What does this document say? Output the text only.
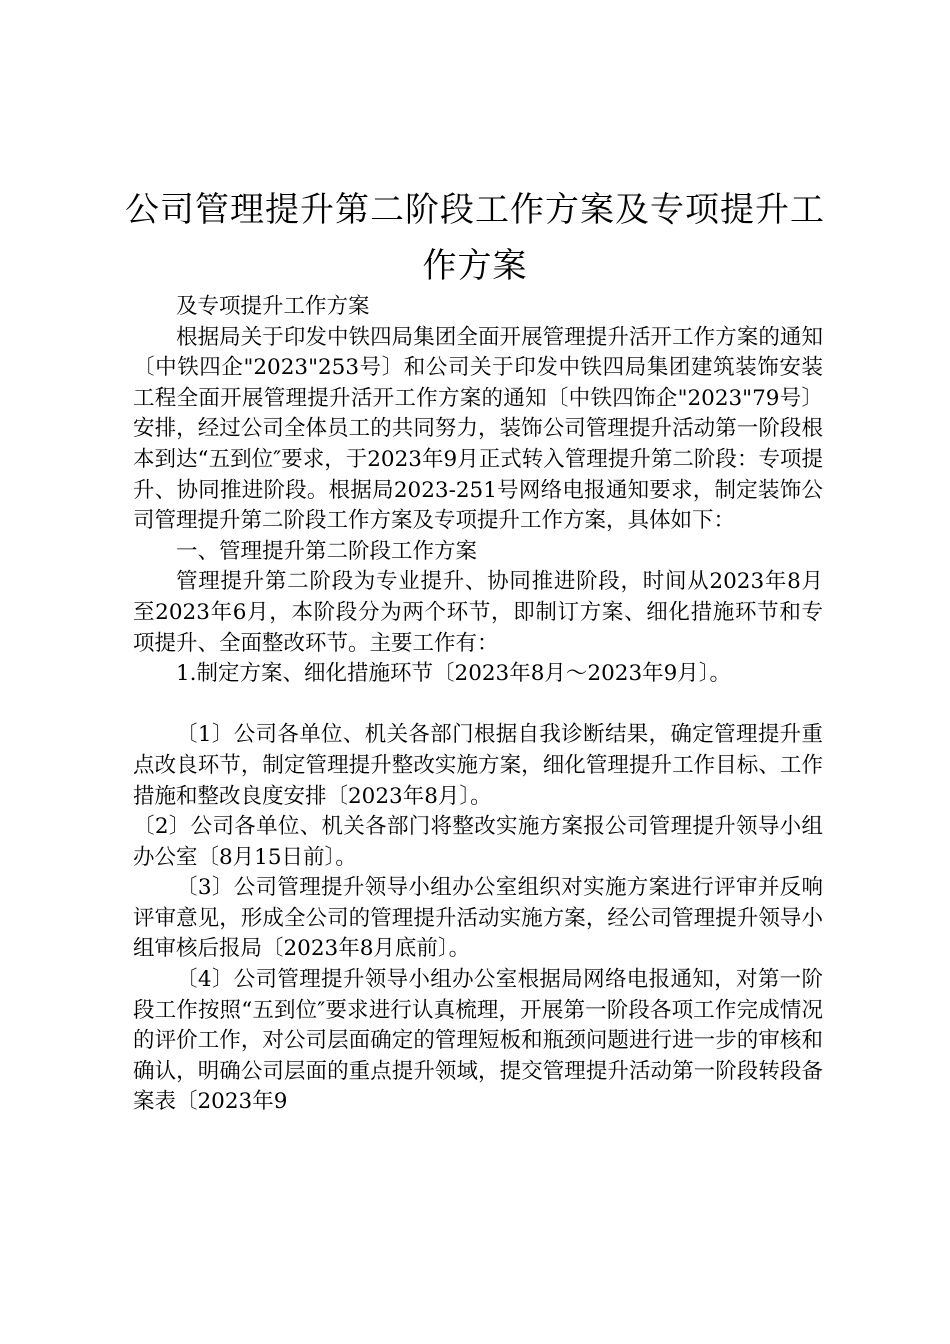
公司管理提升第二阶段工作方案及专项提升工作方案

及专项提升工作方案

根据局关于印发中铁四局集团全面开展管理提升活开工作方案的通知〔中铁四企"2023"253号〕和公司关于印发中铁四局集团建筑装饰安装工程全面开展管理提升活开工作方案的通知〔中铁四饰企"2023"79号〕安排，经过公司全体员工的共同努力，装饰公司管理提升活动第一阶段根本到达“五到位″要求，于2023年9月正式转入管理提升第二阶段：专项提升、协同推进阶段。根据局2023-251号网络电报通知要求，制定装饰公司管理提升第二阶段工作方案及专项提升工作方案，具体如下：

一、管理提升第二阶段工作方案

管理提升第二阶段为专业提升、协同推进阶段，时间从2023年8月至2023年6月，本阶段分为两个环节，即制订方案、细化措施环节和专项提升、全面整改环节。主要工作有：

1.制定方案、细化措施环节〔2023年8月～2023年9月〕。

〔1〕公司各单位、机关各部门根据自我诊断结果，确定管理提升重点改良环节，制定管理提升整改实施方案，细化管理提升工作目标、工作措施和整改良度安排〔2023年8月〕。

〔2〕公司各单位、机关各部门将整改实施方案报公司管理提升领导小组办公室〔8月15日前〕。

〔3〕公司管理提升领导小组办公室组织对实施方案进行评审并反响评审意见，形成全公司的管理提升活动实施方案，经公司管理提升领导小组审核后报局〔2023年8月底前〕。

〔4〕公司管理提升领导小组办公室根据局网络电报通知，对第一阶段工作按照“五到位″要求进行认真梳理，开展第一阶段各项工作完成情况的评价工作，对公司层面确定的管理短板和瓶颈问题进行进一步的审核和确认，明确公司层面的重点提升领域，提交管理提升活动第一阶段转段备案表〔2023年9
